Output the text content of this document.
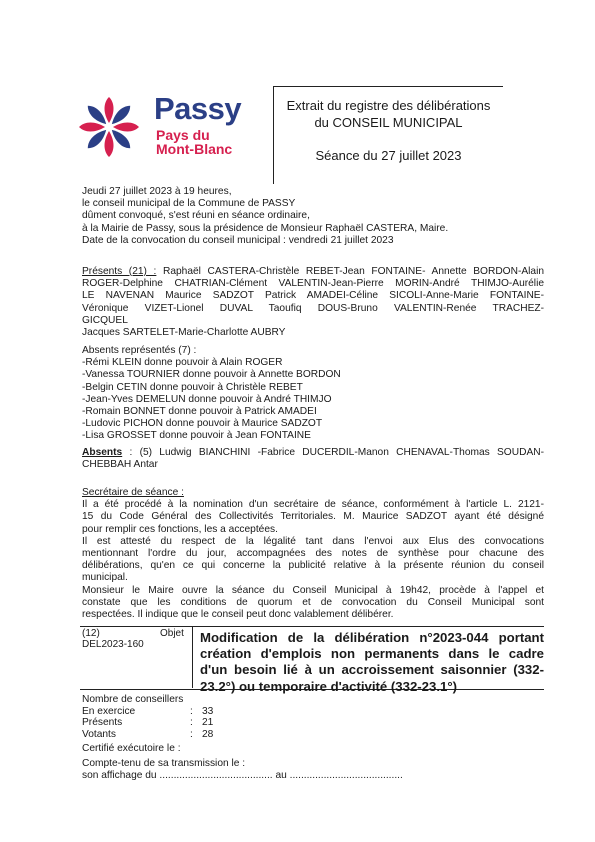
Passy
Pays du
Mont-Blanc
Extrait du registre des délibérations
du CONSEIL MUNICIPAL
Séance du 27 juillet 2023
Jeudi 27 juillet 2023 à 19 heures,
le conseil municipal de la Commune de PASSY
dûment convoqué, s'est réuni en séance ordinaire,
à la Mairie de Passy, sous la présidence de Monsieur Raphaël CASTERA, Maire.
Date de la convocation du conseil municipal : vendredi 21 juillet 2023
Présents (21) : Raphaël CASTERA-Christèle REBET-Jean FONTAINE- Annette BORDON-Alain
ROGER-Delphine CHATRIAN-Clément VALENTIN-Jean-Pierre MORIN-André THIMJO-Aurélie
LE NAVENAN Maurice SADZOT Patrick AMADEI-Céline SICOLI-Anne-Marie FONTAINE-
Véronique VIZET-Lionel DUVAL Taoufiq DOUS-Bruno VALENTIN-Renée TRACHEZ-
GICQUEL
Jacques SARTELET-Marie-Charlotte AUBRY
Absents représentés (7) :
-Rémi KLEIN donne pouvoir à Alain ROGER
-Vanessa TOURNIER donne pouvoir à Annette BORDON
-Belgin CETIN donne pouvoir à Christèle REBET
-Jean-Yves DEMELUN donne pouvoir à André THIMJO
-Romain BONNET donne pouvoir à Patrick AMADEI
-Ludovic PICHON donne pouvoir à Maurice SADZOT
-Lisa GROSSET donne pouvoir à Jean FONTAINE
Absents : (5) Ludwig BIANCHINI -Fabrice DUCERDIL-Manon CHENAVAL-Thomas SOUDAN-
CHEBBAH Antar
Secrétaire de séance :
Il a été procédé à la nomination d'un secrétaire de séance, conformément à l'article L. 2121-
15 du Code Général des Collectivités Territoriales. M. Maurice SADZOT ayant été désigné
pour remplir ces fonctions, les a acceptées.
Il est attesté du respect de la légalité tant dans l'envoi aux Elus des convocations
mentionnant l'ordre du jour, accompagnées des notes de synthèse pour chacune des
délibérations, qu'en ce qui concerne la publicité relative à la présente réunion du conseil
municipal.
Monsieur le Maire ouvre la séance du Conseil Municipal à 19h42, procède à l'appel et
constate que les conditions de quorum et de convocation du Conseil Municipal sont
respectées. Il indique que le conseil peut donc valablement délibérer.
(12)
DEL2023-160
Objet Modification de la délibération n°2023-044 portant
création d'emplois non permanents dans le cadre
d'un besoin lié à un accroissement saisonnier (332-
23.2°) ou temporaire d'activité (332-23.1°)
Nombre de conseillers
En exercice	: 33
Présents	: 21
Votants	: 28
Certifié exécutoire le :
Compte-tenu de sa transmission le :
son affichage du ........................................ au ........................................
